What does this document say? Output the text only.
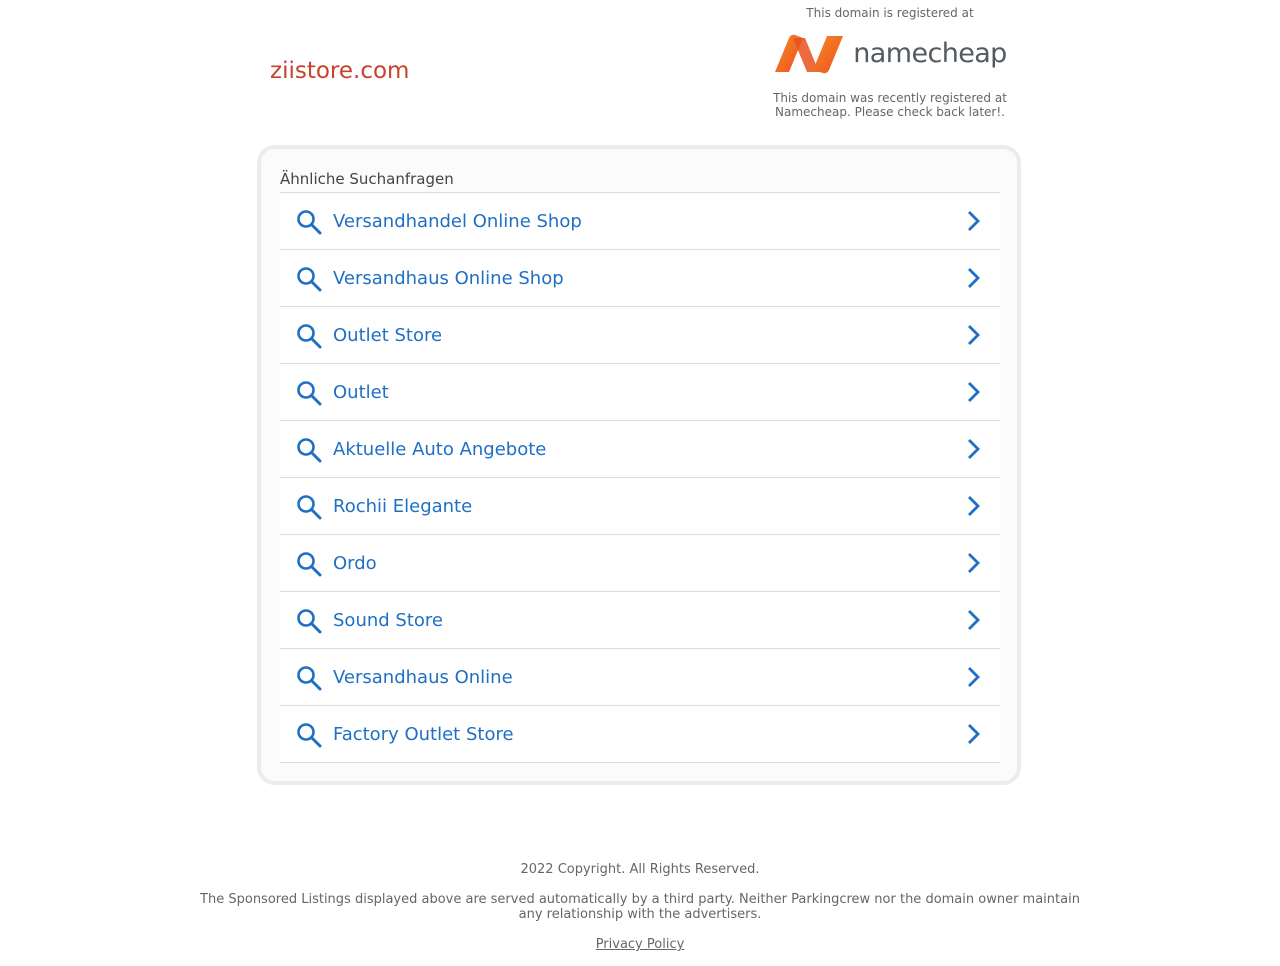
ziistore.com
This domain is registered at
namecheap
This domain was recently registered at Namecheap. Please check back later!.
Ähnliche Suchanfragen
Versandhandel Online Shop
Versandhaus Online Shop
Outlet Store
Outlet
Aktuelle Auto Angebote
Rochii Elegante
Ordo
Sound Store
Versandhaus Online
Factory Outlet Store
2022 Copyright. All Rights Reserved.
The Sponsored Listings displayed above are served automatically by a third party. Neither Parkingcrew nor the domain owner maintain any relationship with the advertisers.
Privacy Policy
